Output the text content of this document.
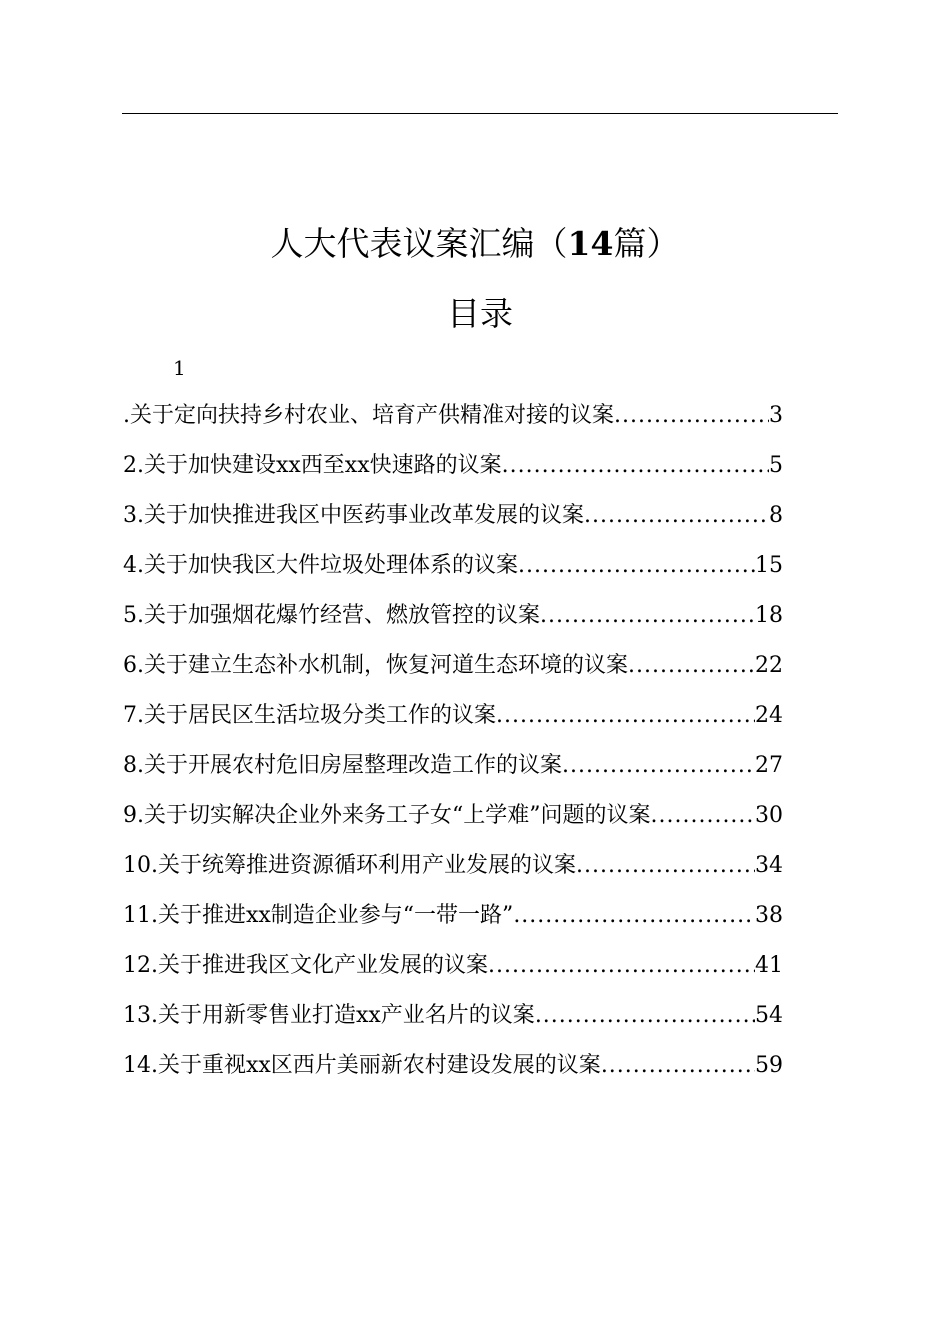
人大代表议案汇编（14篇）
目录
1
.关于定向扶持乡村农业、培育产供精准对接的议案 .....	3
2.关于加快建设xx西至xx快速路的议案 .....	5
3.关于加快推进我区中医药事业改革发展的议案 .....	8
4.关于加快我区大件垃圾处理体系的议案 .....	15
5.关于加强烟花爆竹经营、燃放管控的议案 .....	18
6.关于建立生态补水机制，恢复河道生态环境的议案 .....	22
7.关于居民区生活垃圾分类工作的议案 .....	24
8.关于开展农村危旧房屋整理改造工作的议案 .....	27
9.关于切实解决企业外来务工子女“上学难”问题的议案 .....	30
10.关于统筹推进资源循环利用产业发展的议案 .....	34
11.关于推进xx制造企业参与“一带一路” .....	38
12.关于推进我区文化产业发展的议案 .....	41
13.关于用新零售业打造xx产业名片的议案 .....	54
14.关于重视xx区西片美丽新农村建设发展的议案 .....	59
